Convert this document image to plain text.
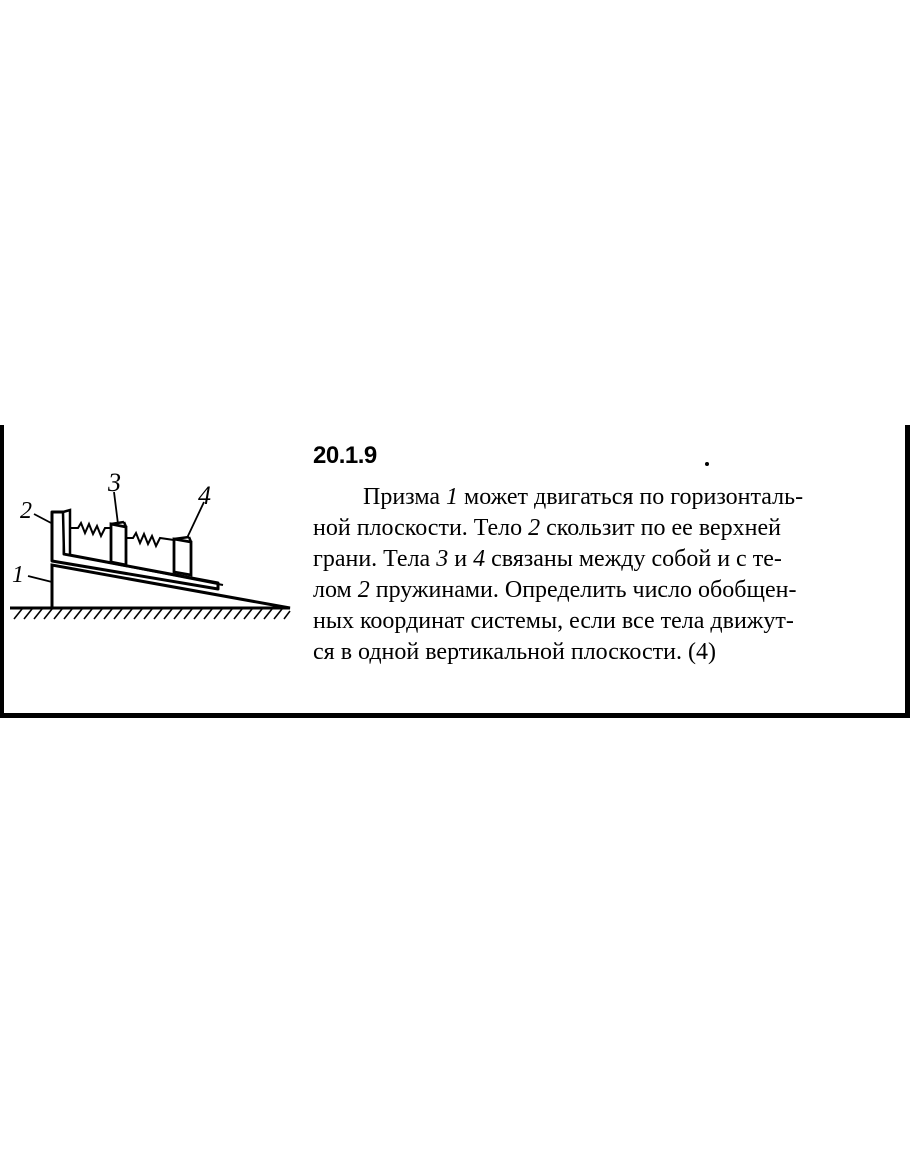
1
2
3	4
20.1.9
Призма 1 может двигаться по горизонталь-
ной плоскости. Тело 2 скользит по ее верхней
грани. Тела 3 и 4 связаны между собой и с те-
лом 2 пружинами. Определить число обобщен-
ных координат системы, если все тела движут-
ся в одной вертикальной плоскости. (4)
